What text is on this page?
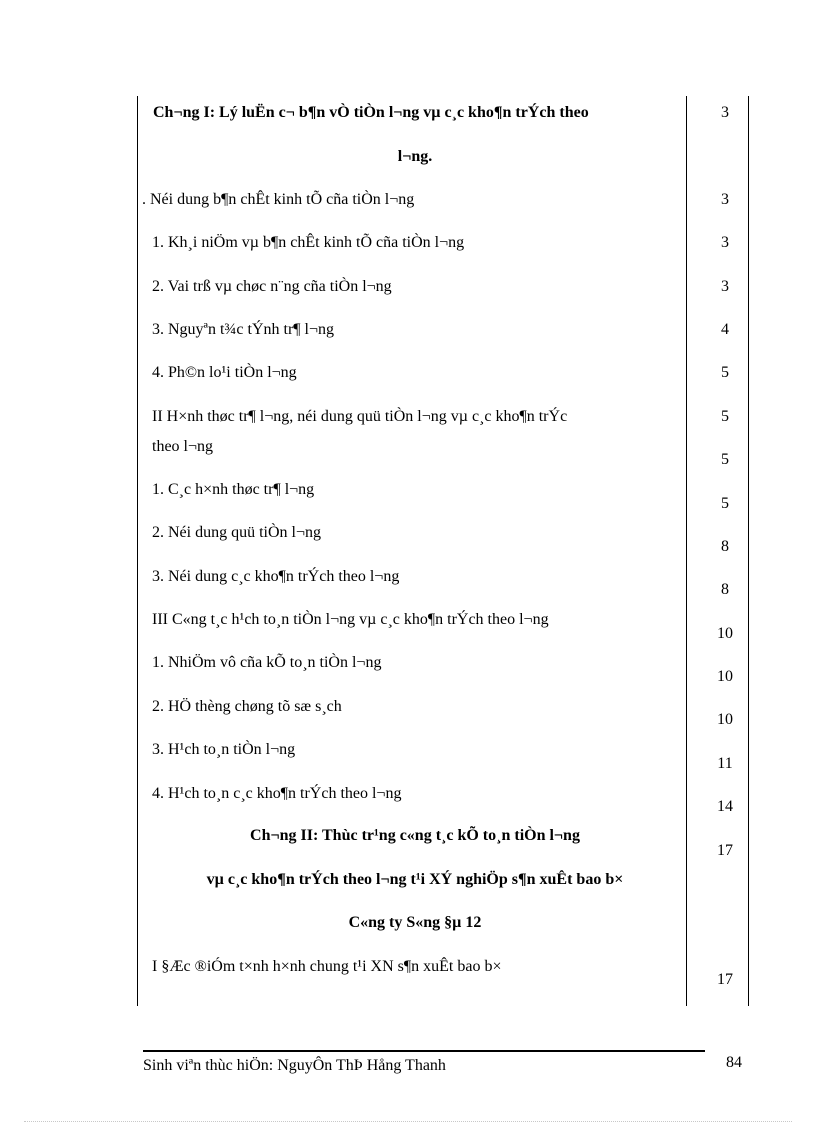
Ch¬ng I: Lý luËn c¬ b¶n vÒ tiÒn l¬ng vµ c¸c kho¶n trÝch theo
l¬ng.
. Néi dung b¶n chÊt kinh tÕ cña tiÒn l¬ng
1. Kh¸i niÖm vµ b¶n chÊt kinh tÕ cña tiÒn l¬ng
2. Vai trß vµ chøc n¨ng cña tiÒn l¬ng
3. Nguyªn t¾c tÝnh tr¶ l¬ng
4. Ph©n lo¹i tiÒn l¬ng
II H×nh thøc tr¶ l¬ng, néi dung quü tiÒn l¬ng vµ c¸c kho¶n trÝc
theo l¬ng
1. C¸c h×nh thøc tr¶ l¬ng
2. Néi dung quü tiÒn l¬ng
3. Néi dung c¸c kho¶n trÝch theo l¬ng
III C«ng t¸c h¹ch to¸n tiÒn l¬ng vµ c¸c kho¶n trÝch theo l¬ng
1. NhiÖm vô cña kÕ to¸n tiÒn l¬ng
2. HÖ thèng chøng tõ sæ s¸ch
3. H¹ch to¸n tiÒn l¬ng
4. H¹ch to¸n c¸c kho¶n trÝch theo l¬ng
Ch¬ng II: Thùc tr¹ng c«ng t¸c kÕ to¸n tiÒn l¬ng
vµ c¸c kho¶n trÝch theo l¬ng t¹i XÝ nghiÖp s¶n xuÊt bao b×
C«ng ty S«ng §µ 12
I §Æc ®iÓm t×nh h×nh chung t¹i XN s¶n xuÊt bao b×
3
3
3
3
4
5
5
5
5
8
8
10
10
10
11
14
17
17
Sinh viªn thùc hiÖn: NguyÔn ThÞ Hång Thanh	84
